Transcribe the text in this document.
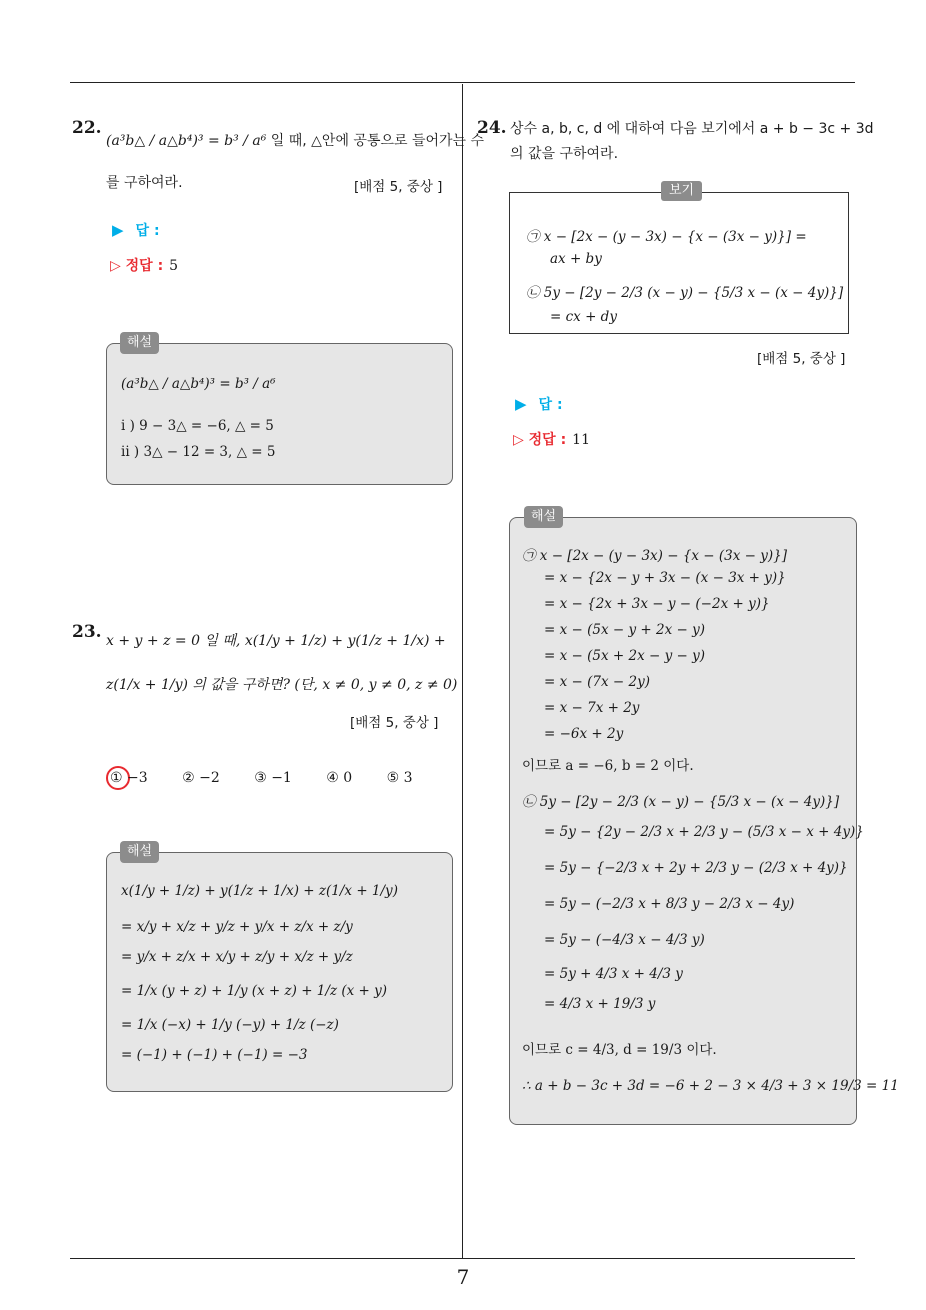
22.
(a³b△ / a△b⁴)³ = b³ / a⁶ 일 때, △안에 공통으로 들어가는 수
를 구하여라.	[배점 5, 중상 ]
▶ 답 :
▷ 정답 : 5
(a³b△ / a△b⁴)³ = b³ / a⁶
i ) 9 − 3△ = −6, △ = 5
ii ) 3△ − 12 = 3, △ = 5
해설
23. x + y + z = 0 일 때, x(1/y + 1/z) + y(1/z + 1/x) +
z(1/x + 1/y) 의 값을 구하면? (단, x ≠ 0, y ≠ 0, z ≠ 0)
[배점 5, 중상 ]
① −3 ② −2 ③ −1 ④ 0 ⑤ 3
x(1/y + 1/z) + y(1/z + 1/x) + z(1/x + 1/y)
= x/y + x/z + y/z + y/x + z/x + z/y
= y/x + z/x + x/y + z/y + x/z + y/z
= 1/x (y + z) + 1/y (x + z) + 1/z (x + y)
= 1/x (−x) + 1/y (−y) + 1/z (−z)
= (−1) + (−1) + (−1) = −3
해설
24. 상수 a, b, c, d 에 대하여 다음 보기에서 a + b − 3c + 3d
의 값을 구하여라.
㉠ x − [2x − (y − 3x) − {x − (3x − y)}] =
ax + by
㉡ 5y − [2y − 2/3 (x − y) − {5/3 x − (x − 4y)}]
= cx + dy
보기
[배점 5, 중상 ]
▶ 답 :
▷ 정답 : 11
㉠ x − [2x − (y − 3x) − {x − (3x − y)}]
= x − {2x − y + 3x − (x − 3x + y)}
= x − {2x + 3x − y − (−2x + y)}
= x − (5x − y + 2x − y)
= x − (5x + 2x − y − y)
= x − (7x − 2y)
= x − 7x + 2y
= −6x + 2y
이므로 a = −6, b = 2 이다.
㉡ 5y − [2y − 2/3 (x − y) − {5/3 x − (x − 4y)}]
= 5y − {2y − 2/3 x + 2/3 y − (5/3 x − x + 4y)}
= 5y − {−2/3 x + 2y + 2/3 y − (2/3 x + 4y)}
= 5y − (−2/3 x + 8/3 y − 2/3 x − 4y)
= 5y − (−4/3 x − 4/3 y)
= 5y + 4/3 x + 4/3 y
= 4/3 x + 19/3 y
이므로 c = 4/3, d = 19/3 이다.
∴ a + b − 3c + 3d = −6 + 2 − 3 × 4/3 + 3 × 19/3 = 11
해설
7
